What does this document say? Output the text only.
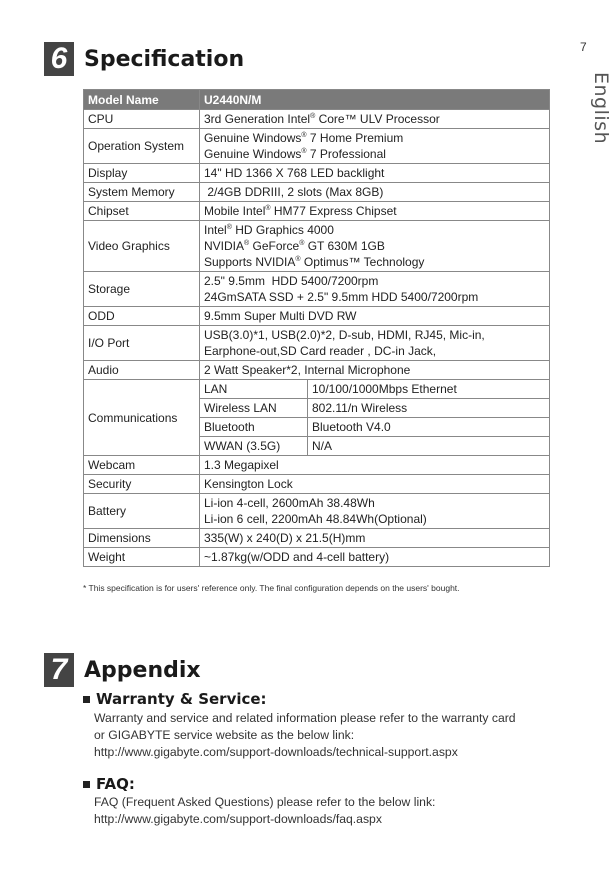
7
English
6 Specification
Model Name	U2440N/M	
CPU	3rd Generation Intel® Core™ ULV Processor	
Operation System	Genuine Windows® 7 Home Premium
Genuine Windows® 7 Professional	
Display	14" HD 1366 X 768 LED backlight	
System Memory	2/4GB DDRIII, 2 slots (Max 8GB)	
Chipset	Mobile Intel® HM77 Express Chipset	
Video Graphics	Intel® HD Graphics 4000
NVIDIA® GeForce® GT 630M 1GB
Supports NVIDIA® Optimus™ Technology	
Storage	2.5" 9.5mm  HDD 5400/7200rpm
24GmSATA SSD + 2.5" 9.5mm HDD 5400/7200rpm	
ODD	9.5mm Super Multi DVD RW	
I/O Port	USB(3.0)*1, USB(2.0)*2, D-sub, HDMI, RJ45, Mic-in,
Earphone-out,SD Card reader , DC-in Jack,	
Audio	2 Watt Speaker*2, Internal Microphone	
Communications	LAN	10/100/1000Mbps Ethernet
	Wireless LAN	802.11/n Wireless
	Bluetooth	Bluetooth V4.0
	WWAN (3.5G)	N/A
Webcam	1.3 Megapixel	
Security	Kensington Lock	
Battery	Li-ion 4-cell, 2600mAh 38.48Wh
Li-ion 6 cell, 2200mAh 48.84Wh(Optional)	
Dimensions	335(W) x 240(D) x 21.5(H)mm	
Weight	~1.87kg(w/ODD and 4-cell battery)	
* This specification is for users' reference only. The final configuration depends on the users' bought.
7 Appendix
Warranty & Service:
Warranty and service and related information please refer to the warranty card
or GIGABYTE service website as the below link:
http://www.gigabyte.com/support-downloads/technical-support.aspx
FAQ:
FAQ (Frequent Asked Questions) please refer to the below link:
http://www.gigabyte.com/support-downloads/faq.aspx
